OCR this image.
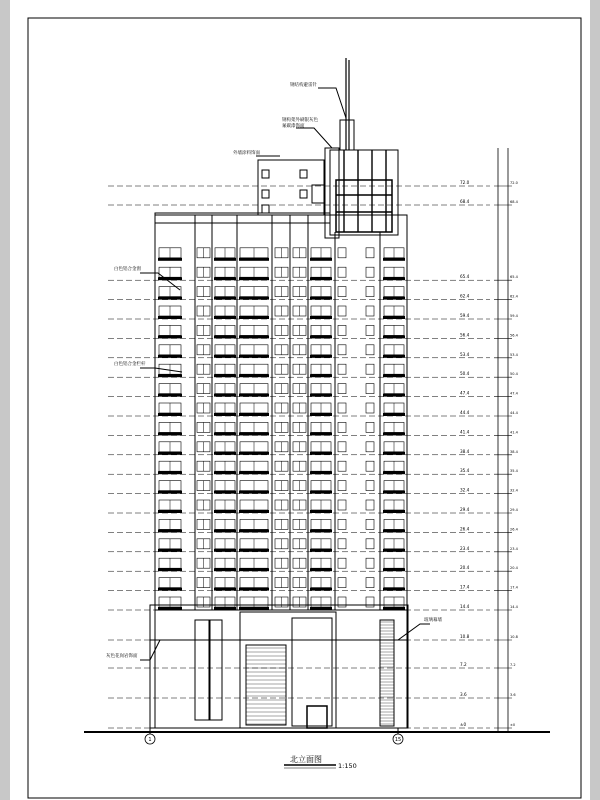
±0	±0
3.6	3.6
7.2	7.2
10.8	10.8
14.4	14.4
17.4	17.4
20.4	20.4
23.4	23.4
26.4	26.4
29.4	29.4
32.4	32.4
35.4	35.4
38.4	38.4
41.4	41.4
44.4	44.4
47.4	47.4
50.4	50.4
53.4	53.4
56.4	56.4
59.4	59.4
62.4	62.4
65.4	65.4
68.4	68.4
72.0	72.0
钢结构避雷针
钢构架外刷银灰色
氟碳漆饰面
外墙涂料饰面
白色铝合金窗
白色铝合金栏杆
灰色花岗岩饰面
玻璃幕墙
1	15
北立面图
1:150
